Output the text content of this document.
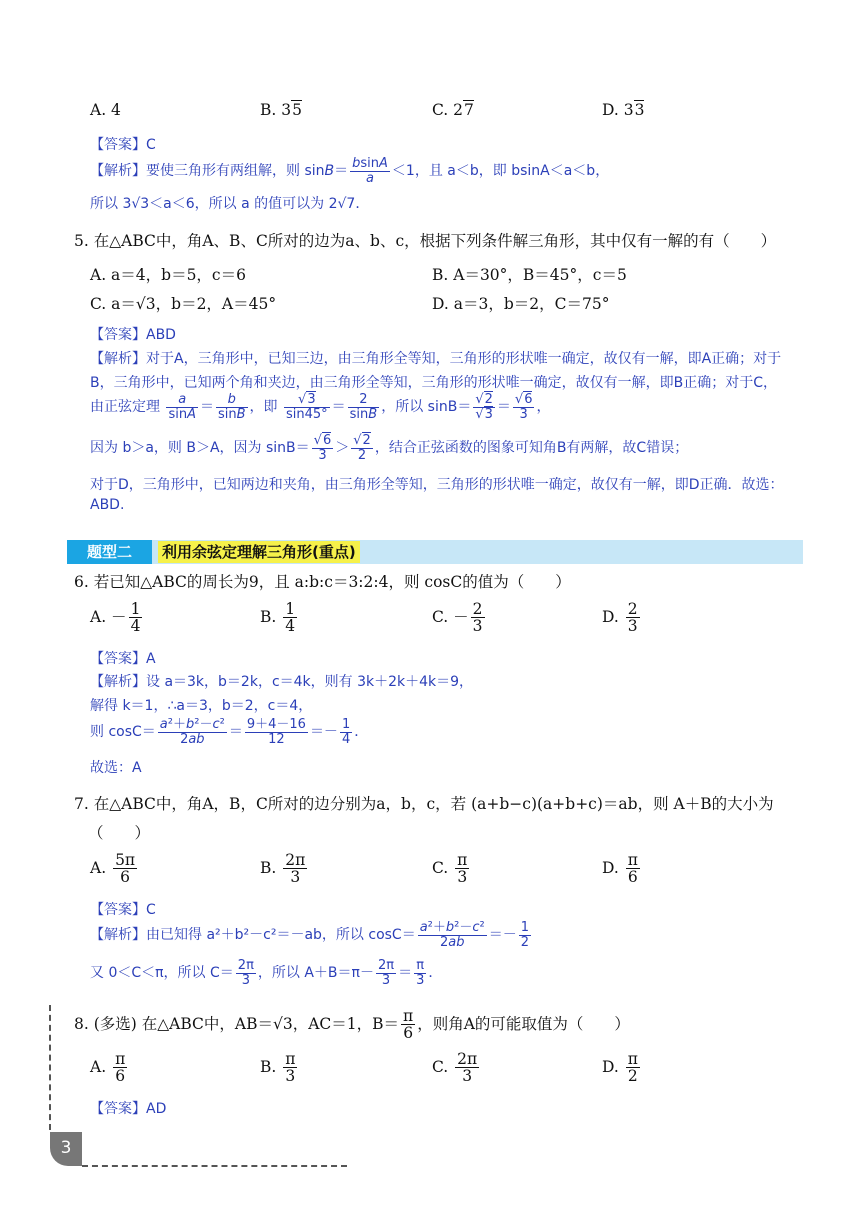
A. 4	B. 35	C. 27	D. 33
【答案】C
【解析】要使三角形有两组解，则 $\sin B= \frac{bsinA}{a} <1$，且 a＜b，即 bsinA＜a＜b，
所以 3√3＜a＜6，所以 a 的值可以为 2√7．
5. 在△ABC中，角A、B、C所对的边为a、b、c，根据下列条件解三角形，其中仅有一解的有（　　）
A. a＝4，b＝5，c＝6	B. A＝30°，B＝45°，c＝5
C. a＝√3，b＝2，A＝45°	D. a＝3，b＝2，C＝75°
【答案】ABD
【解析】对于A，三角形中，已知三边，由三角形全等知，三角形的形状唯一确定，故仅有一解，即A正确；对于
B，三角形中，已知两个角和夹边，由三角形全等知，三角形的形状唯一确定，故仅有一解，即B正确；对于C，
由正弦定理 $\frac{a}{\sin A} = \frac{b}{\sin B}$ ，即 $\frac{√3}{\sin 45^\circ} = \frac{2}{\sin B}$ ，所以 $\sin B= \frac{√2}{√3} = \frac{√6}{3}$ ，
因为 b＞a，则 B＞A，因为 $\sin B= \frac{√6}{3} > \frac{√2}{2}$ ，结合正弦函数的图象可知角B有两解，故C错误；
对于D，三角形中，已知两边和夹角，由三角形全等知，三角形的形状唯一确定，故仅有一解，即D正确．故选：
ABD.
题型二	利用余弦定理解三角形(重点)
6. 若已知△ABC的周长为9，且 a:b:c＝3:2:4，则 cosC的值为（　　）
A. － $\frac{1}{4}$	B. $\frac{1}{4}$	C. － $\frac{2}{3}$	D. $\frac{2}{3}$
【答案】A
【解析】设 a＝3k，b＝2k，c＝4k，则有 3k＋2k＋4k＝9，
解得 k＝1，∴a＝3，b＝2，c＝4，
则 $\cos C= \frac{\text{a²＋b²－c²}}{2ab} = \frac{9+4-16}{12} =- \frac{1}{4}$ ．
故选：A
7. 在△ABC中，角A，B，C所对的边分别为a，b，c，若 (a+b−c)(a+b+c)＝ab，则 A＋B的大小为
（　　）
A. $\frac{5\pi}{6}$	B. $\frac{2\pi}{3}$	C. $\frac{\pi}{3}$	D. $\frac{\pi}{6}$
【答案】C
【解析】由已知得 a²＋b²－c²＝－ab，所以 $\cos C= \frac{\text{a²＋b²－c²}}{2ab} =- \frac{1}{2}$
又 0＜C＜π，所以 $C= \frac{2\pi}{3}$ ，所以 $A+B=\pi- \frac{2\pi}{3} = \frac{\pi}{3}$ ．
8. (多选) 在△ABC中，AB＝√3，AC＝1，$B= \frac{\pi}{6}$ ，则角A的可能取值为（　　）
A. $\frac{\pi}{6}$	B. $\frac{\pi}{3}$	C. $\frac{2\pi}{3}$	D. $\frac{\pi}{2}$
【答案】AD
3
